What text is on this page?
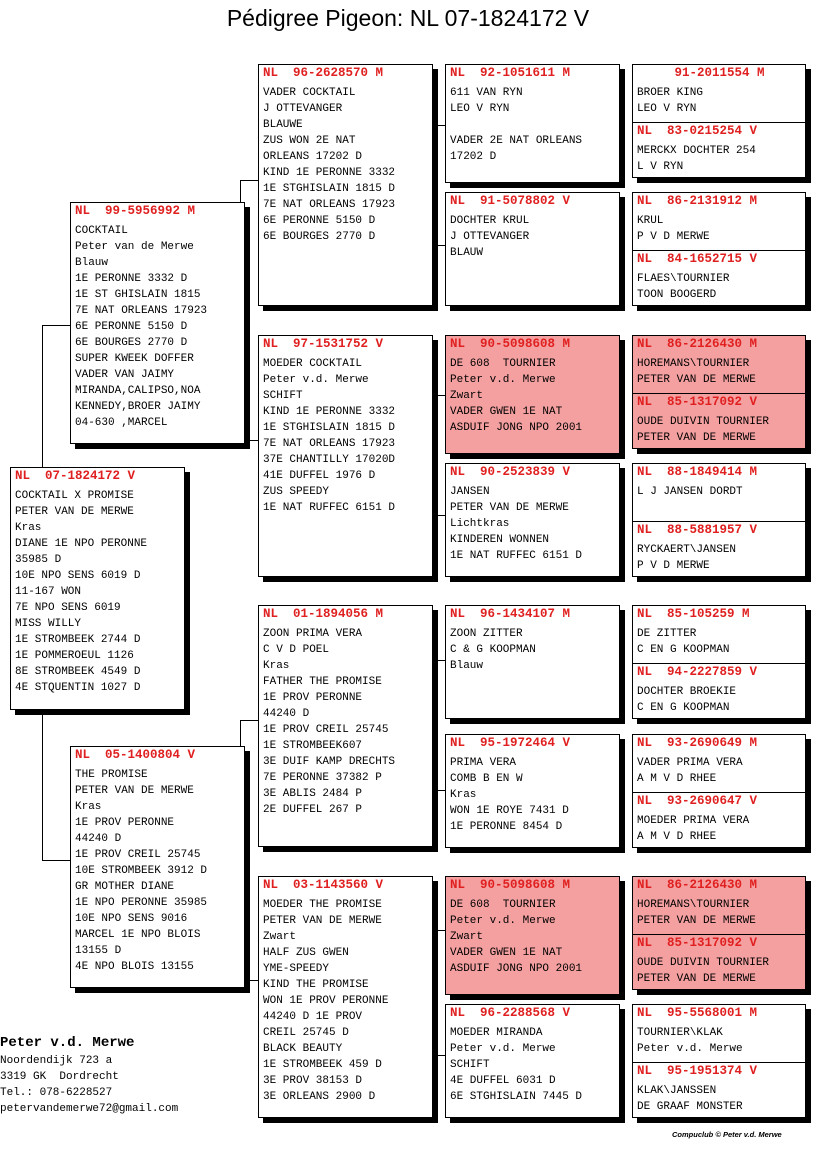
Pédigree Pigeon: NL 07-1824172 V
NL  07-1824172 V
COCKTAIL X PROMISE
PETER VAN DE MERWE
Kras
DIANE 1E NPO PERONNE
35985 D
10E NPO SENS 6019 D
11-167 WON
7E NPO SENS 6019
MISS WILLY
1E STROMBEEK 2744 D
1E POMMEROEUL 1126
8E STROMBEEK 4549 D
4E STQUENTIN 1027 D
NL  99-5956992 M
COCKTAIL
Peter van de Merwe
Blauw
1E PERONNE 3332 D
1E ST GHISLAIN 1815
7E NAT ORLEANS 17923
6E PERONNE 5150 D
6E BOURGES 2770 D
SUPER KWEEK DOFFER
VADER VAN JAIMY
MIRANDA,CALIPSO,NOA
KENNEDY,BROER JAIMY
04-630 ,MARCEL
NL  05-1400804 V
THE PROMISE
PETER VAN DE MERWE
Kras
1E PROV PERONNE
44240 D
1E PROV CREIL 25745
10E STROMBEEK 3912 D
GR MOTHER DIANE
1E NPO PERONNE 35985
10E NPO SENS 9016
MARCEL 1E NPO BLOIS
13155 D
4E NPO BLOIS 13155
NL  96-2628570 M
VADER COCKTAIL
J OTTEVANGER
BLAUWE
ZUS WON 2E NAT
ORLEANS 17202 D
KIND 1E PERONNE 3332
1E STGHISLAIN 1815 D
7E NAT ORLEANS 17923
6E PERONNE 5150 D
6E BOURGES 2770 D
NL  97-1531752 V
MOEDER COCKTAIL
Peter v.d. Merwe
SCHIFT
KIND 1E PERONNE 3332
1E STGHISLAIN 1815 D
7E NAT ORLEANS 17923
37E CHANTILLY 17020D
41E DUFFEL 1976 D
ZUS SPEEDY
1E NAT RUFFEC 6151 D
NL  01-1894056 M
ZOON PRIMA VERA
C V D POEL
Kras
FATHER THE PROMISE
1E PROV PERONNE
44240 D
1E PROV CREIL 25745
1E STROMBEEK607
3E DUIF KAMP DRECHTS
7E PERONNE 37382 P
3E ABLIS 2484 P
2E DUFFEL 267 P
NL  03-1143560 V
MOEDER THE PROMISE
PETER VAN DE MERWE
Zwart
HALF ZUS GWEN
YME-SPEEDY
KIND THE PROMISE
WON 1E PROV PERONNE
44240 D 1E PROV
CREIL 25745 D
BLACK BEAUTY
1E STROMBEEK 459 D
3E PROV 38153 D
3E ORLEANS 2900 D
NL  92-1051611 M
611 VAN RYN
LEO V RYN
VADER 2E NAT ORLEANS
17202 D
NL  91-5078802 V
DOCHTER KRUL
J OTTEVANGER
BLAUW
NL  90-5098608 M
DE 608  TOURNIER
Peter v.d. Merwe
Zwart
VADER GWEN 1E NAT
ASDUIF JONG NPO 2001
NL  90-2523839 V
JANSEN
PETER VAN DE MERWE
Lichtkras
KINDEREN WONNEN
1E NAT RUFFEC 6151 D
NL  96-1434107 M
ZOON ZITTER
C & G KOOPMAN
Blauw
NL  95-1972464 V
PRIMA VERA
COMB B EN W
Kras
WON 1E ROYE 7431 D
1E PERONNE 8454 D
NL  90-5098608 M
DE 608  TOURNIER
Peter v.d. Merwe
Zwart
VADER GWEN 1E NAT
ASDUIF JONG NPO 2001
NL  96-2288568 V
MOEDER MIRANDA
Peter v.d. Merwe
SCHIFT
4E DUFFEL 6031 D
6E STGHISLAIN 7445 D
91-2011554 M
BROER KING
LEO V RYN
NL  83-0215254 V
MERCKX DOCHTER 254
L V RYN
NL  86-2131912 M
KRUL
P V D MERWE
NL  84-1652715 V
FLAES\TOURNIER
TOON BOOGERD
NL  86-2126430 M
HOREMANS\TOURNIER
PETER VAN DE MERWE
NL  85-1317092 V
OUDE DUIVIN TOURNIER
PETER VAN DE MERWE
NL  88-1849414 M
L J JANSEN DORDT
NL  88-5881957 V
RYCKAERT\JANSEN
P V D MERWE
NL  85-105259 M
DE ZITTER
C EN G KOOPMAN
NL  94-2227859 V
DOCHTER BROEKIE
C EN G KOOPMAN
NL  93-2690649 M
VADER PRIMA VERA
A M V D RHEE
NL  93-2690647 V
MOEDER PRIMA VERA
A M V D RHEE
NL  86-2126430 M
HOREMANS\TOURNIER
PETER VAN DE MERWE
NL  85-1317092 V
OUDE DUIVIN TOURNIER
PETER VAN DE MERWE
NL  95-5568001 M
TOURNIER\KLAK
Peter v.d. Merwe
NL  95-1951374 V
KLAK\JANSSEN
DE GRAAF MONSTER
Peter v.d. Merwe
Noordendijk 723 a
3319 GK  Dordrecht
Tel.: 078-6228527
petervandemerwe72@gmail.com
Compuclub © Peter v.d. Merwe
